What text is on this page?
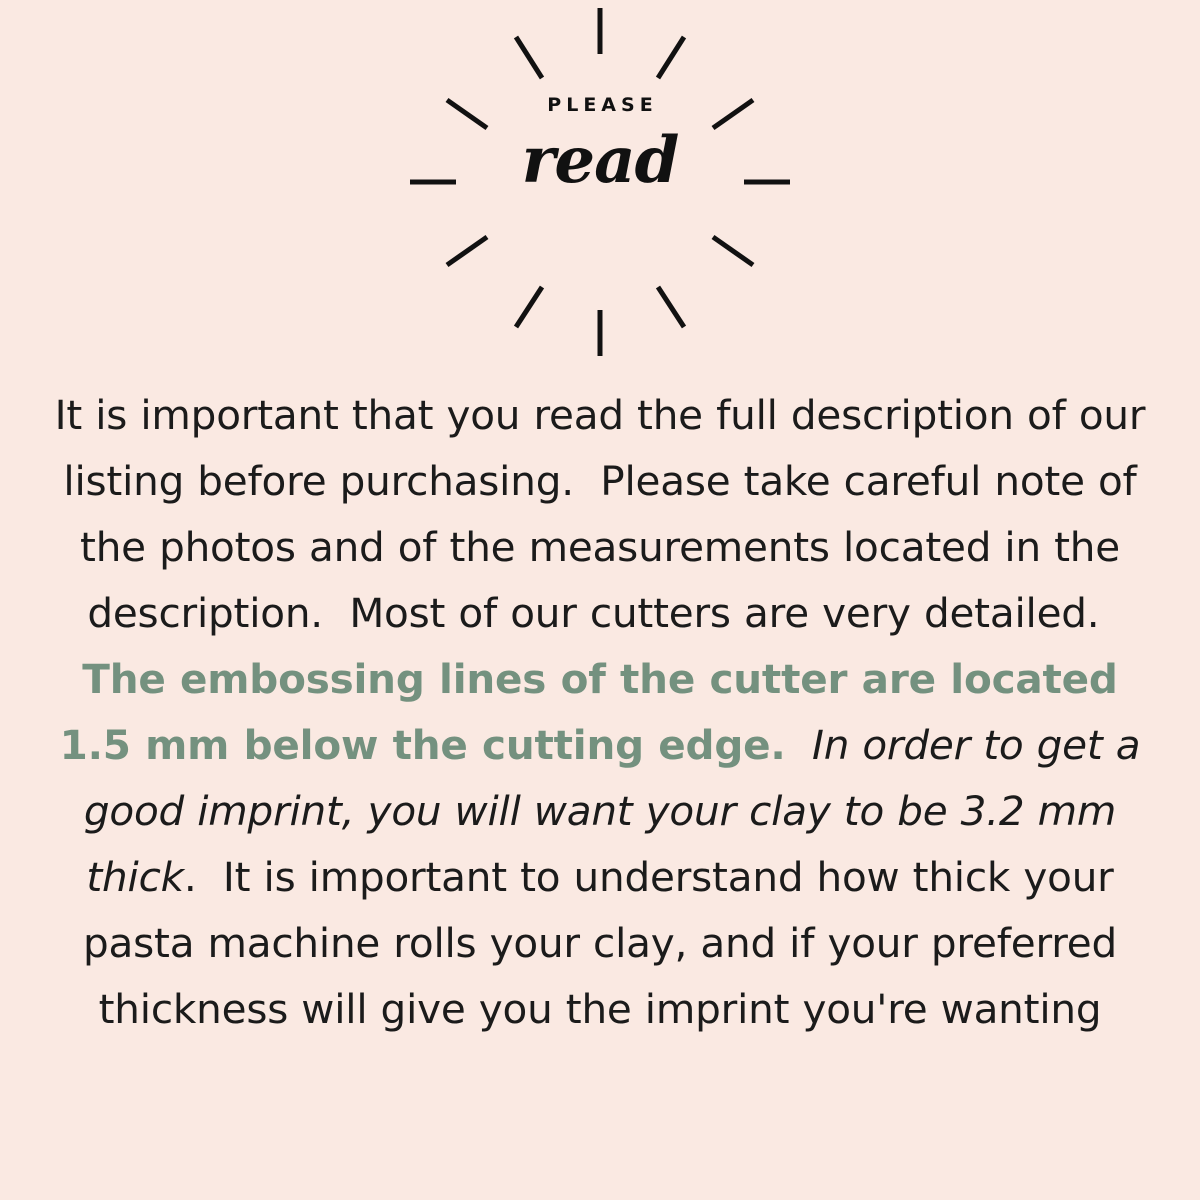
PLEASE
read

It is important that you read the full description of our listing before purchasing.  Please take careful note of the photos and of the measurements located in the description.  Most of our cutters are very detailed.  The embossing lines of the cutter are located 1.5 mm below the cutting edge.  In order to get a good imprint, you will want your clay to be 3.2 mm thick.  It is important to understand how thick your pasta machine rolls your clay, and if your preferred thickness will give you the imprint you're wanting
